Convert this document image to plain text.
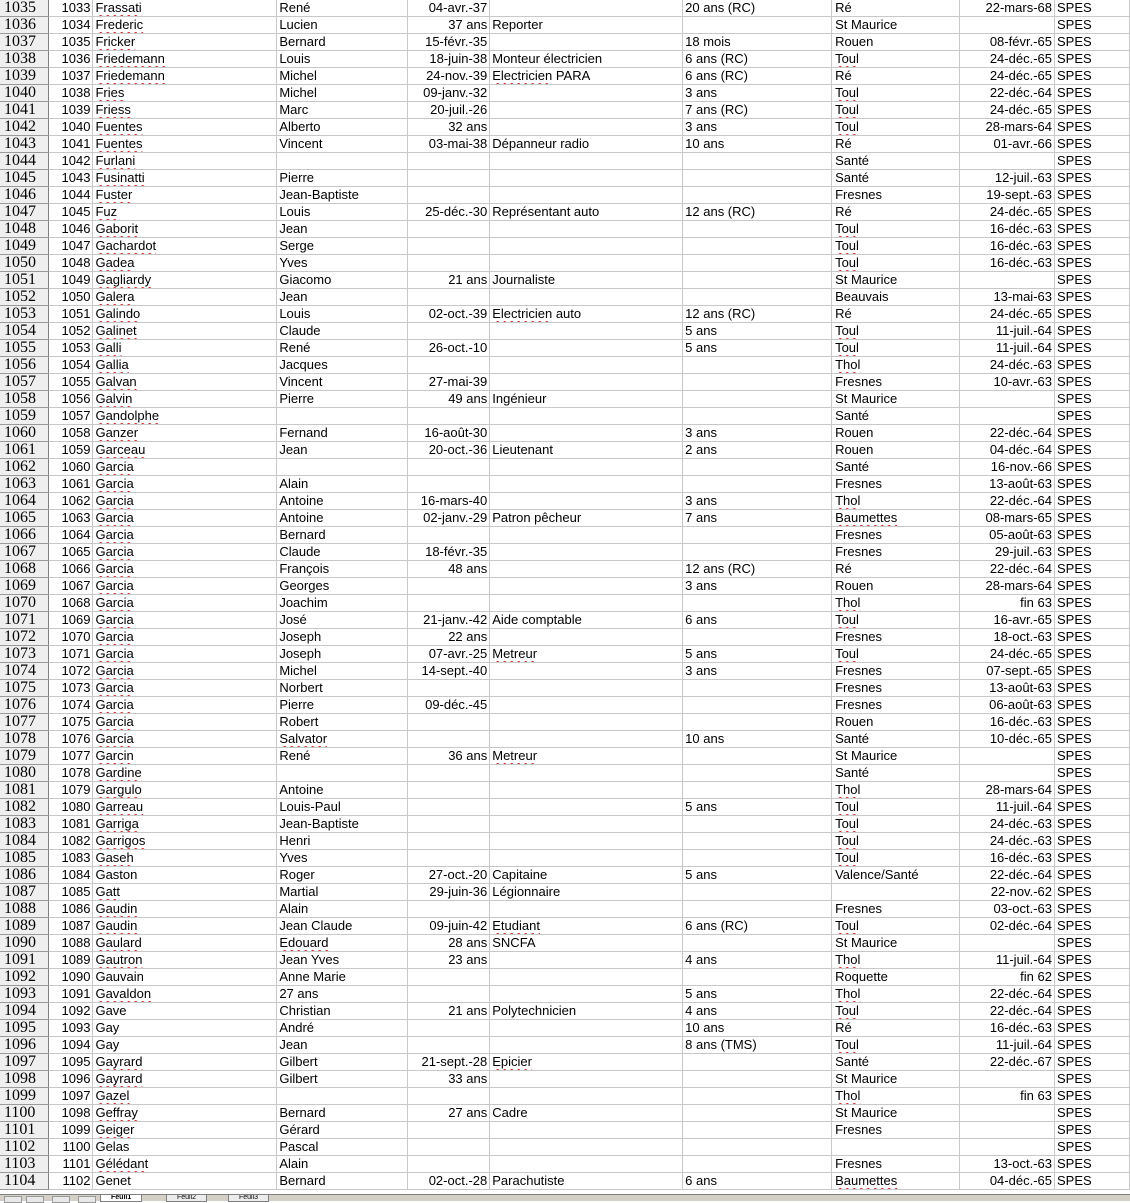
1035	1033	Frassati	René	04-avr.-37		20 ans (RC)	Ré	22-mars-68	SPES
1036	1034	Frederic	Lucien	37 ans	Reporter		St Maurice		SPES
1037	1035	Fricker	Bernard	15-févr.-35		18 mois	Rouen	08-févr.-65	SPES
1038	1036	Friedemann	Louis	18-juin-38	Monteur électricien	6 ans (RC)	Toul	24-déc.-65	SPES
1039	1037	Friedemann	Michel	24-nov.-39	Electricien PARA	6 ans (RC)	Ré	24-déc.-65	SPES
1040	1038	Fries	Michel	09-janv.-32		3 ans	Toul	22-déc.-64	SPES
1041	1039	Friess	Marc	20-juil.-26		7 ans (RC)	Toul	24-déc.-65	SPES
1042	1040	Fuentes	Alberto	32 ans		3 ans	Toul	28-mars-64	SPES
1043	1041	Fuentes	Vincent	03-mai-38	Dépanneur radio	10 ans	Ré	01-avr.-66	SPES
1044	1042	Furlani					Santé		SPES
1045	1043	Fusinatti	Pierre				Santé	12-juil.-63	SPES
1046	1044	Fuster	Jean-Baptiste				Fresnes	19-sept.-63	SPES
1047	1045	Fuz	Louis	25-déc.-30	Représentant auto	12 ans (RC)	Ré	24-déc.-65	SPES
1048	1046	Gaborit	Jean				Toul	16-déc.-63	SPES
1049	1047	Gachardot	Serge				Toul	16-déc.-63	SPES
1050	1048	Gadea	Yves				Toul	16-déc.-63	SPES
1051	1049	Gagliardy	Giacomo	21 ans	Journaliste		St Maurice		SPES
1052	1050	Galera	Jean				Beauvais	13-mai-63	SPES
1053	1051	Galindo	Louis	02-oct.-39	Electricien auto	12 ans (RC)	Ré	24-déc.-65	SPES
1054	1052	Galinet	Claude			5 ans	Toul	11-juil.-64	SPES
1055	1053	Galli	René	26-oct.-10		5 ans	Toul	11-juil.-64	SPES
1056	1054	Gallia	Jacques				Thol	24-déc.-63	SPES
1057	1055	Galvan	Vincent	27-mai-39			Fresnes	10-avr.-63	SPES
1058	1056	Galvin	Pierre	49 ans	Ingénieur		St Maurice		SPES
1059	1057	Gandolphe					Santé		SPES
1060	1058	Ganzer	Fernand	16-août-30		3 ans	Rouen	22-déc.-64	SPES
1061	1059	Garceau	Jean	20-oct.-36	Lieutenant	2 ans	Rouen	04-déc.-64	SPES
1062	1060	Garcia					Santé	16-nov.-66	SPES
1063	1061	Garcia	Alain				Fresnes	13-août-63	SPES
1064	1062	Garcia	Antoine	16-mars-40		3 ans	Thol	22-déc.-64	SPES
1065	1063	Garcia	Antoine	02-janv.-29	Patron pêcheur	7 ans	Baumettes	08-mars-65	SPES
1066	1064	Garcia	Bernard				Fresnes	05-août-63	SPES
1067	1065	Garcia	Claude	18-févr.-35			Fresnes	29-juil.-63	SPES
1068	1066	Garcia	François	48 ans		12 ans (RC)	Ré	22-déc.-64	SPES
1069	1067	Garcia	Georges			3 ans	Rouen	28-mars-64	SPES
1070	1068	Garcia	Joachim				Thol	fin 63	SPES
1071	1069	Garcia	José	21-janv.-42	Aide comptable	6 ans	Toul	16-avr.-65	SPES
1072	1070	Garcia	Joseph	22 ans			Fresnes	18-oct.-63	SPES
1073	1071	Garcia	Joseph	07-avr.-25	Metreur	5 ans	Toul	24-déc.-65	SPES
1074	1072	Garcia	Michel	14-sept.-40		3 ans	Fresnes	07-sept.-65	SPES
1075	1073	Garcia	Norbert				Fresnes	13-août-63	SPES
1076	1074	Garcia	Pierre	09-déc.-45			Fresnes	06-août-63	SPES
1077	1075	Garcia	Robert				Rouen	16-déc.-63	SPES
1078	1076	Garcia	Salvator			10 ans	Santé	10-déc.-65	SPES
1079	1077	Garcin	René	36 ans	Metreur		St Maurice		SPES
1080	1078	Gardine					Santé		SPES
1081	1079	Gargulo	Antoine				Thol	28-mars-64	SPES
1082	1080	Garreau	Louis-Paul			5 ans	Toul	11-juil.-64	SPES
1083	1081	Garriga	Jean-Baptiste				Toul	24-déc.-63	SPES
1084	1082	Garrigos	Henri				Toul	24-déc.-63	SPES
1085	1083	Gaseh	Yves				Toul	16-déc.-63	SPES
1086	1084	Gaston	Roger	27-oct.-20	Capitaine	5 ans	Valence/Santé	22-déc.-64	SPES
1087	1085	Gatt	Martial	29-juin-36	Légionnaire			22-nov.-62	SPES
1088	1086	Gaudin	Alain				Fresnes	03-oct.-63	SPES
1089	1087	Gaudin	Jean Claude	09-juin-42	Etudiant	6 ans (RC)	Toul	02-déc.-64	SPES
1090	1088	Gaulard	Edouard	28 ans	SNCFA		St Maurice		SPES
1091	1089	Gautron	Jean Yves	23 ans		4 ans	Thol	11-juil.-64	SPES
1092	1090	Gauvain	Anne Marie				Roquette	fin 62	SPES
1093	1091	Gavaldon	27 ans			5 ans	Thol	22-déc.-64	SPES
1094	1092	Gave	Christian	21 ans	Polytechnicien	4 ans	Toul	22-déc.-64	SPES
1095	1093	Gay	André			10 ans	Ré	16-déc.-63	SPES
1096	1094	Gay	Jean			8 ans (TMS)	Toul	11-juil.-64	SPES
1097	1095	Gayrard	Gilbert	21-sept.-28	Epicier		Santé	22-déc.-67	SPES
1098	1096	Gayrard	Gilbert	33 ans			St Maurice		SPES
1099	1097	Gazel					Thol	fin 63	SPES
1100	1098	Geffray	Bernard	27 ans	Cadre		St Maurice		SPES
1101	1099	Geiger	Gérard				Fresnes		SPES
1102	1100	Gelas	Pascal						SPES
1103	1101	Gélédant	Alain				Fresnes	13-oct.-63	SPES
1104	1102	Genet	Bernard	02-oct.-28	Parachutiste	6 ans	Baumettes	04-déc.-65	SPES
Feuil1	Feuil2	Feuil3
